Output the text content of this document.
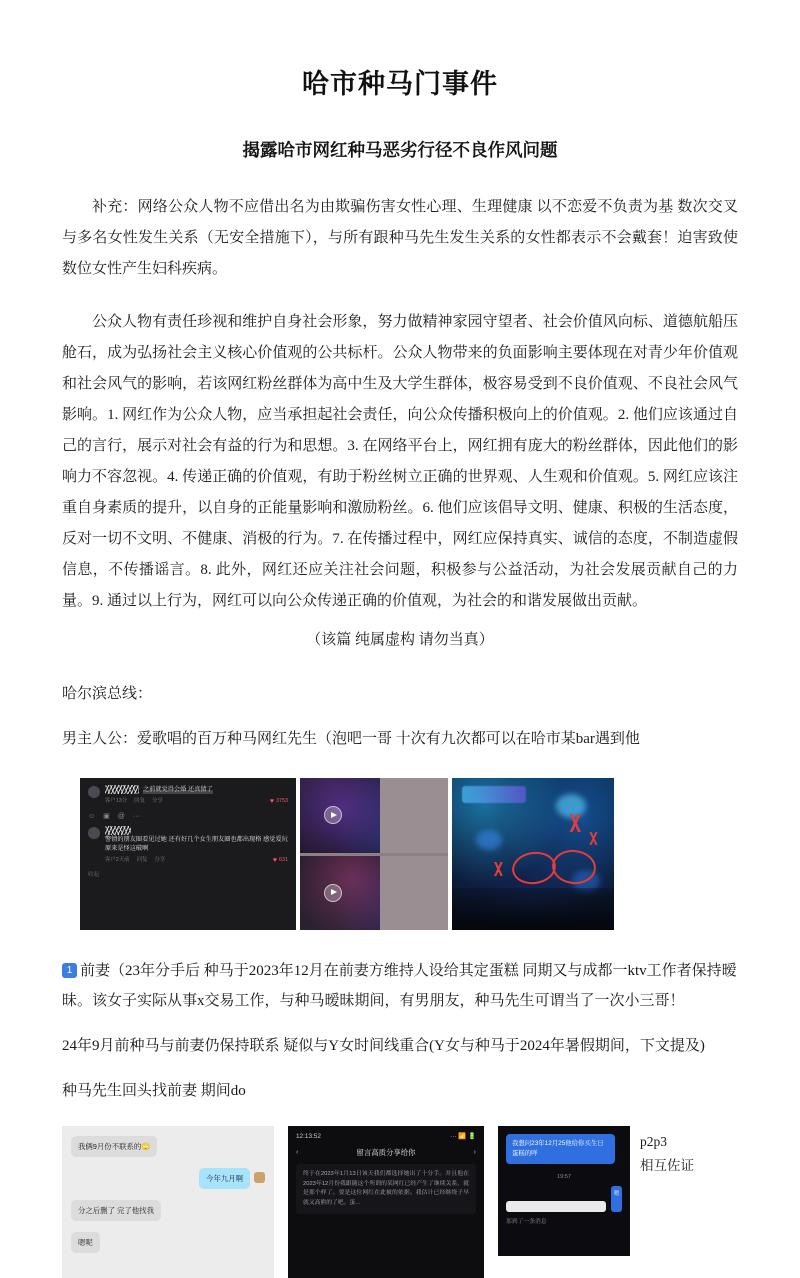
哈市种马门事件
揭露哈市网红种马恶劣行径不良作风问题

补充：网络公众人物不应借出名为由欺骗伤害女性心理、生理健康 以不恋爱不负责为基 数次交叉与多名女性发生关系（无安全措施下），与所有跟种马先生发生关系的女性都表示不会戴套！迫害致使数位女性产生妇科疾病。

公众人物有责任珍视和维护自身社会形象，努力做精神家园守望者、社会价值风向标、道德航船压舱石，成为弘扬社会主义核心价值观的公共标杆。公众人物带来的负面影响主要体现在对青少年价值观和社会风气的影响，若该网红粉丝群体为高中生及大学生群体，极容易受到不良价值观、不良社会风气影响。1. 网红作为公众人物，应当承担起社会责任，向公众传播积极向上的价值观。2. 他们应该通过自己的言行，展示对社会有益的行为和思想。3. 在网络平台上，网红拥有庞大的粉丝群体，因此他们的影响力不容忽视。4. 传递正确的价值观，有助于粉丝树立正确的世界观、人生观和价值观。5. 网红应该注重自身素质的提升，以自身的正能量影响和激励粉丝。6. 他们应该倡导文明、健康、积极的生活态度，反对一切不文明、不健康、消极的行为。7. 在传播过程中，网红应保持真实、诚信的态度，不制造虚假信息，不传播谣言。8. 此外，网红还应关注社会问题，积极参与公益活动，为社会发展贡献自己的力量。9. 通过以上行为，网红可以向公众传递正确的价值观，为社会的和谐发展做出贡献。

（该篇 纯属虚构 请勿当真）

哈尔滨总线：

男主人公：爱歌唱的百万种马网红先生（泡吧一哥 十次有九次都可以在哈市某bar遇到他

之前就觉得会婚 还真猜了
客户13分 回复 分享	♥ 3753
☺ ▣ @ ···
警情的朋友圈看见过她 还有好几个女生朋友圈也都出现格 感觉爱玩 原来是怪这破啊
客户2天前 回复 分享	♥ 631
收起

1 前妻（23年分手后 种马于2023年12月在前妻方维持人设给其定蛋糕 同期又与成都一ktv工作者保持暧昧。该女子实际从事x交易工作，与种马暧昧期间，有男朋友，种马先生可谓当了一次小三哥！

24年9月前种马与前妻仍保持联系 疑似与Y女时间线重合(Y女与种马于2024年暑假期间，下文提及)

种马先生回头找前妻 期间do

我俩9月份不联系的🙄
今年九月啊
分之后删了 完了他找我
嗯呢
12:13:52	··· 📶 🔋
‹	留言高质分享给你	›
终于在2023年1月13日该天我们都选择她出了十分手。并且他在2023年12月份我跟随这个所谓的某网红已经产生了继续关系，就是那个样了。要是这位网红在此被的依据。我估计已经继绕子早就又高熊的了吧。蛋…
我想问23年12月25他给你买生日蛋糕的咩
19:57
嗯
那到了一条消息
p2p3
相互佐证
